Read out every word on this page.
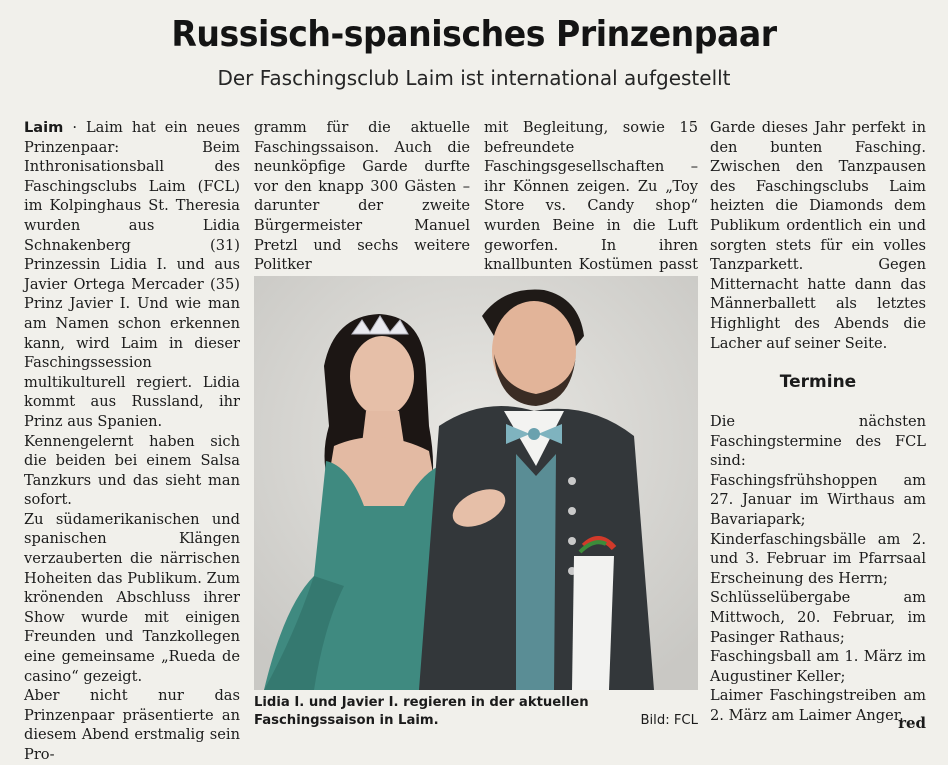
Russisch-spanisches Prinzenpaar
Der Faschingsclub Laim ist international aufgestellt

Laim · Laim hat ein neues Prinzenpaar: Beim Inthronisationsball des Faschingsclubs Laim (FCL) im Kolpinghaus St. Theresia wurden aus Lidia Schnakenberg (31) Prinzessin Lidia I. und aus Javier Ortega Mercader (35) Prinz Javier I. Und wie man am Namen schon erkennen kann, wird Laim in dieser Faschingssession multikulturell regiert. Lidia kommt aus Russland, ihr Prinz aus Spanien.

Kennengelernt haben sich die beiden bei einem Salsa Tanzkurs und das sieht man sofort.

Zu südamerikanischen und spanischen Klängen verzauberten die närrischen Hoheiten das Publikum. Zum krönenden Abschluss ihrer Show wurde mit einigen Freunden und Tanzkollegen eine gemeinsame „Rueda de casino“ gezeigt.

Aber nicht nur das Prinzenpaar präsentierte an diesem Abend erstmalig sein Pro-

gramm für die aktuelle Faschingssaison. Auch die neunköpfige Garde durfte vor den knapp 300 Gästen – darunter der zweite Bürgermeister Manuel Pretzl und sechs weitere Politker

mit Begleitung, sowie 15 befreundete Faschingsgesellschaften – ihr Können zeigen. Zu „Toy Store vs. Candy shop“ wurden Beine in die Luft geworfen. In ihren knallbunten Kostümen passt

Garde dieses Jahr perfekt in den bunten Fasching. Zwischen den Tanzpausen des Faschingsclubs Laim heizten die Diamonds dem Publikum ordentlich ein und sorgten stets für ein volles Tanzparkett. Gegen Mitternacht hatte dann das Männerballett als letztes Highlight des Abends die Lacher auf seiner Seite.

Termine

Die nächsten Faschingstermine des FCL sind:

Faschingsfrühshoppen am 27. Januar im Wirthaus am Bavariapark;

Kinderfaschingsbälle am 2. und 3. Februar im Pfarrsaal Erscheinung des Herrn;

Schlüsselübergabe am Mittwoch, 20. Februar, im Pasinger Rathaus;

Faschingsball am 1. März im Augustiner Keller;

Laimer Faschingstreiben am 2. März am Laimer Anger.

red
Lidia I. und Javier I. regieren in der aktuellen Faschingssaison in Laim.	Bild: FCL
